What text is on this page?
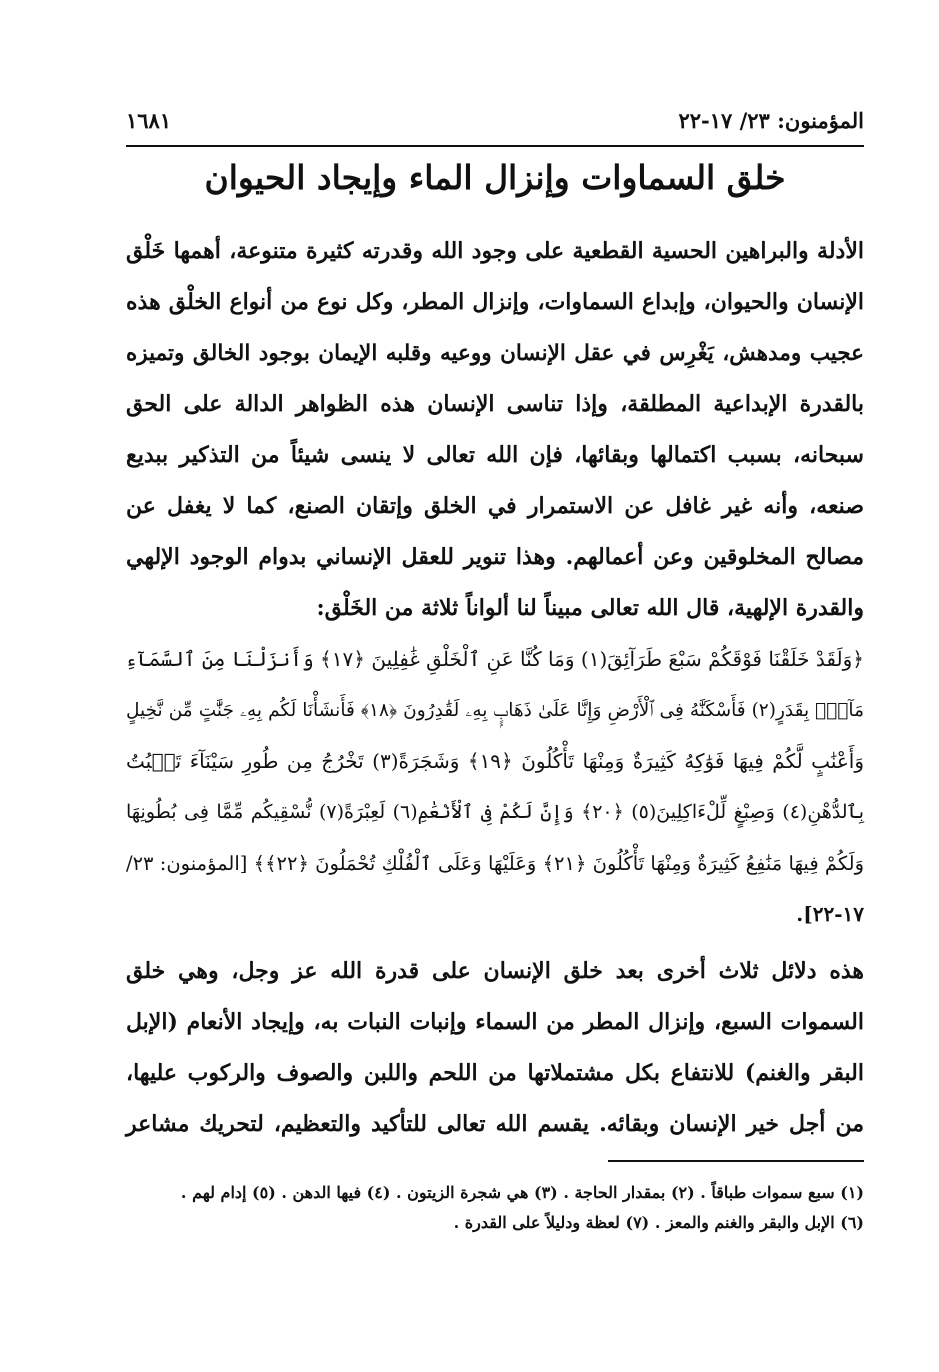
المؤمنون: ٢٣/ ١٧-٢٢
١٦٨١
خلق السماوات وإنزال الماء وإيجاد الحيوان
الأدلة والبراهين الحسية القطعية على وجود الله وقدرته كثيرة متنوعة، أهمها خَلْق
الإنسان والحيوان، وإبداع السماوات، وإنزال المطر، وكل نوع من أنواع الخلْق هذه
عجيب ومدهش، يَغْرِس في عقل الإنسان ووعيه وقلبه الإيمان بوجود الخالق وتميزه
بالقدرة الإبداعية المطلقة، وإذا تناسى الإنسان هذه الظواهر الدالة على الحق
سبحانه، بسبب اكتمالها وبقائها، فإن الله تعالى لا ينسى شيئاً من التذكير ببديع
صنعه، وأنه غير غافل عن الاستمرار في الخلق وإتقان الصنع، كما لا يغفل عن
مصالح المخلوقين وعن أعمالهم. وهذا تنوير للعقل الإنساني بدوام الوجود الإلهي
والقدرة الإلهية، قال الله تعالى مبيناً لنا ألواناً ثلاثة من الخَلْق:
﴿وَلَقَدْ خَلَقْنَا فَوْقَكُمْ سَبْعَ طَرَآئِقَ(١) وَمَا كُنَّا عَنِ ٱلْخَلْقِ غَٰفِلِينَ ﴿١٧﴾ وَأَنزَلْنَا مِنَ ٱلسَّمَآءِ
مَآءًۢ بِقَدَرٍ(٢) فَأَسْكَنَّٰهُ فِى ٱلْأَرْضِ وَإِنَّا عَلَىٰ ذَهَابٍۭ بِهِۦ لَقَٰدِرُونَ ﴿١٨﴾ فَأَنشَأْنَا لَكُم بِهِۦ جَنَّٰتٍ مِّن نَّخِيلٍ
وَأَعْنَٰبٍ لَّكُمْ فِيهَا فَوَٰكِهُ كَثِيرَةٌ وَمِنْهَا تَأْكُلُونَ ﴿١٩﴾ وَشَجَرَةً(٣) تَخْرُجُ مِن طُورِ سَيْنَآءَ تَنۢبُتُ
بِٱلدُّهْنِ(٤) وَصِبْغٍ لِّلْءَاكِلِينَ(٥) ﴿٢٠﴾ وَإِنَّ لَكُمْ فِى ٱلْأَنْعَٰمِ(٦) لَعِبْرَةً(٧) نُّسْقِيكُم مِّمَّا فِى بُطُونِهَا
وَلَكُمْ فِيهَا مَنَٰفِعُ كَثِيرَةٌ وَمِنْهَا تَأْكُلُونَ ﴿٢١﴾ وَعَلَيْهَا وَعَلَى ٱلْفُلْكِ تُحْمَلُونَ ﴿٢٢﴾﴾ [المؤمنون: ٢٣/
١٧-٢٢].
هذه دلائل ثلاث أخرى بعد خلق الإنسان على قدرة الله عز وجل، وهي خلق
السموات السبع، وإنزال المطر من السماء وإنبات النبات به، وإيجاد الأنعام (الإبل
البقر والغنم) للانتفاع بكل مشتملاتها من اللحم واللبن والصوف والركوب عليها،
من أجل خير الإنسان وبقائه. يقسم الله تعالى للتأكيد والتعظيم، لتحريك مشاعر
(١) سبع سموات طباقاً . (٢) بمقدار الحاجة . (٣) هي شجرة الزيتون . (٤) فيها الدهن . (٥) إدام لهم .
(٦) الإبل والبقر والغنم والمعز . (٧) لعظة ودليلاً على القدرة .
